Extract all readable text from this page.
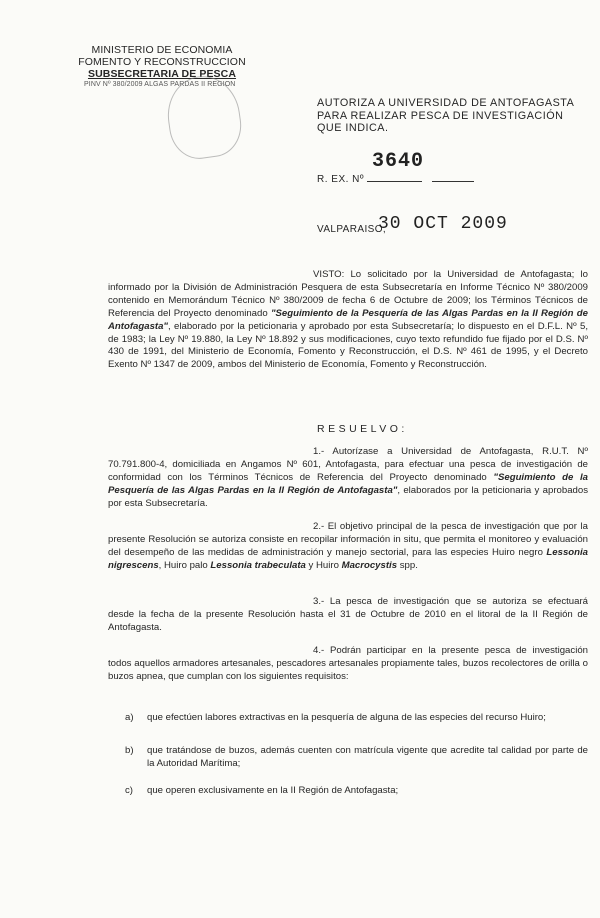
MINISTERIO DE ECONOMIA
FOMENTO Y RECONSTRUCCION
SUBSECRETARIA DE PESCA
PINV Nº 380/2009 ALGAS PARDAS II REGION
AUTORIZA A UNIVERSIDAD DE ANTOFAGASTA PARA REALIZAR PESCA DE INVESTIGACIÓN QUE INDICA.
3640
R. EX. Nº
VALPARAISO,
30 OCT 2009
VISTO: Lo solicitado por la Universidad de Antofagasta; lo informado por la División de Administración Pesquera de esta Subsecretaría en Informe Técnico Nº 380/2009 contenido en Memorándum Técnico Nº 380/2009 de fecha 6 de Octubre de 2009; los Términos Técnicos de Referencia del Proyecto denominado "Seguimiento de la Pesquería de las Algas Pardas en la II Región de Antofagasta", elaborado por la peticionaria y aprobado por esta Subsecretaría; lo dispuesto en el D.F.L. Nº 5, de 1983; la Ley Nº 19.880, la Ley Nº 18.892 y sus modificaciones, cuyo texto refundido fue fijado por el D.S. Nº 430 de 1991, del Ministerio de Economía, Fomento y Reconstrucción, el D.S. Nº 461 de 1995, y el Decreto Exento Nº 1347 de 2009, ambos del Ministerio de Economía, Fomento y Reconstrucción.
RESUELVO:
1.- Autorízase a Universidad de Antofagasta, R.U.T. Nº 70.791.800-4, domiciliada en Angamos Nº 601, Antofagasta, para efectuar una pesca de investigación de conformidad con los Términos Técnicos de Referencia del Proyecto denominado "Seguimiento de la Pesquería de las Algas Pardas en la II Región de Antofagasta", elaborados por la peticionaria y aprobados por esta Subsecretaría.
2.- El objetivo principal de la pesca de investigación que por la presente Resolución se autoriza consiste en recopilar información in situ, que permita el monitoreo y evaluación del desempeño de las medidas de administración y manejo sectorial, para las especies Huiro negro Lessonia nigrescens, Huiro palo Lessonia trabeculata y Huiro Macrocystis spp.
3.- La pesca de investigación que se autoriza se efectuará desde la fecha de la presente Resolución hasta el 31 de Octubre de 2010 en el litoral de la II Región de Antofagasta.
4.- Podrán participar en la presente pesca de investigación todos aquellos armadores artesanales, pescadores artesanales propiamente tales, buzos recolectores de orilla o buzos apnea, que cumplan con los siguientes requisitos:
a)	que efectúen labores extractivas en la pesquería de alguna de las especies del recurso Huiro;
b)	que tratándose de buzos, además cuenten con matrícula vigente que acredite tal calidad por parte de la Autoridad Marítima;
c)	que operen exclusivamente en la II Región de Antofagasta;
